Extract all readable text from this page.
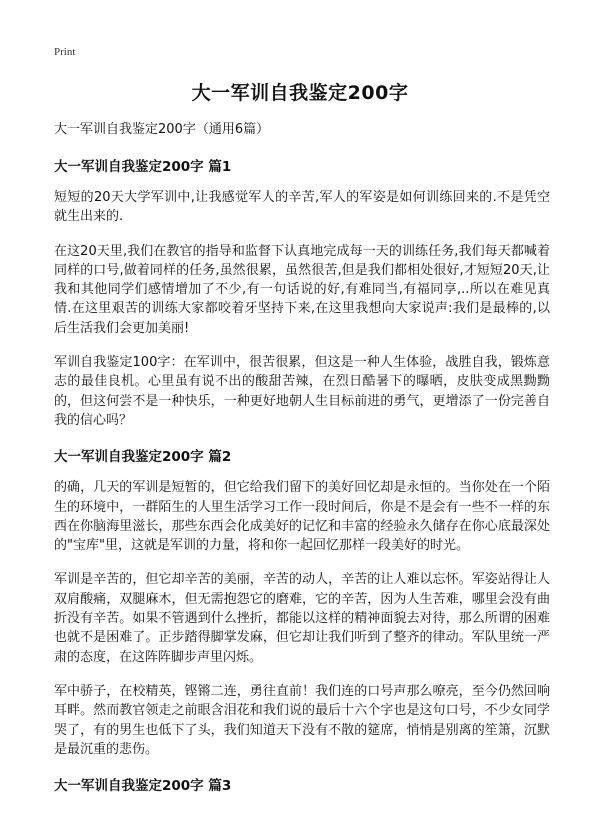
Print
大一军训自我鉴定200字
大一军训自我鉴定200字（通用6篇）
大一军训自我鉴定200字 篇1

短短的20天大学军训中,让我感觉军人的辛苦,军人的军姿是如何训练回来的.不是凭空就生出来的.

在这20天里,我们在教官的指导和监督下认真地完成每一天的训练任务,我们每天都喊着同样的口号,做着同样的任务,虽然很累，虽然很苦,但是我们都相处很好,才短短20天,让我和其他同学们感情增加了不少,有一句话说的好,有难同当,有福同享,..所以在难见真情.在这里艰苦的训练大家都咬着牙坚持下来,在这里我想向大家说声:我们是最棒的,以后生活我们会更加美丽!

军训自我鉴定100字：在军训中，很苦很累，但这是一种人生体验，战胜自我，锻炼意志的最佳良机。心里虽有说不出的酸甜苦辣，在烈日酷暑下的曝晒，皮肤变成黑黝黝的，但这何尝不是一种快乐，一种更好地朝人生目标前进的勇气，更增添了一份完善自我的信心吗？

大一军训自我鉴定200字 篇2

的确，几天的军训是短暂的，但它给我们留下的美好回忆却是永恒的。当你处在一个陌生的环境中，一群陌生的人里生活学习工作一段时间后，你是不是会有一些不一样的东西在你脑海里滋长，那些东西会化成美好的记忆和丰富的经验永久储存在你心底最深处的"宝库"里，这就是军训的力量，将和你一起回忆那样一段美好的时光。

军训是辛苦的，但它却辛苦的美丽，辛苦的动人，辛苦的让人难以忘怀。军姿站得让人双肩酸痛，双腿麻木，但无需抱怨它的磨难，它的辛苦，因为人生苦难，哪里会没有曲折没有辛苦。如果不管遇到什么挫折，都能以这样的精神面貌去对待，那么所谓的困难也就不是困难了。正步踏得脚掌发麻，但它却让我们听到了整齐的律动。军队里统一严肃的态度，在这阵阵脚步声里闪烁。

军中骄子，在校精英，铿锵二连，勇往直前！我们连的口号声那么嘹亮，至今仍然回响耳畔。然而教官领走之前眼含泪花和我们说的最后十六个字也是这句口号，不少女同学哭了，有的男生也低下了头，我们知道天下没有不散的筵席，悄悄是别离的笙箫，沉默是最沉重的悲伤。

大一军训自我鉴定200字 篇3
